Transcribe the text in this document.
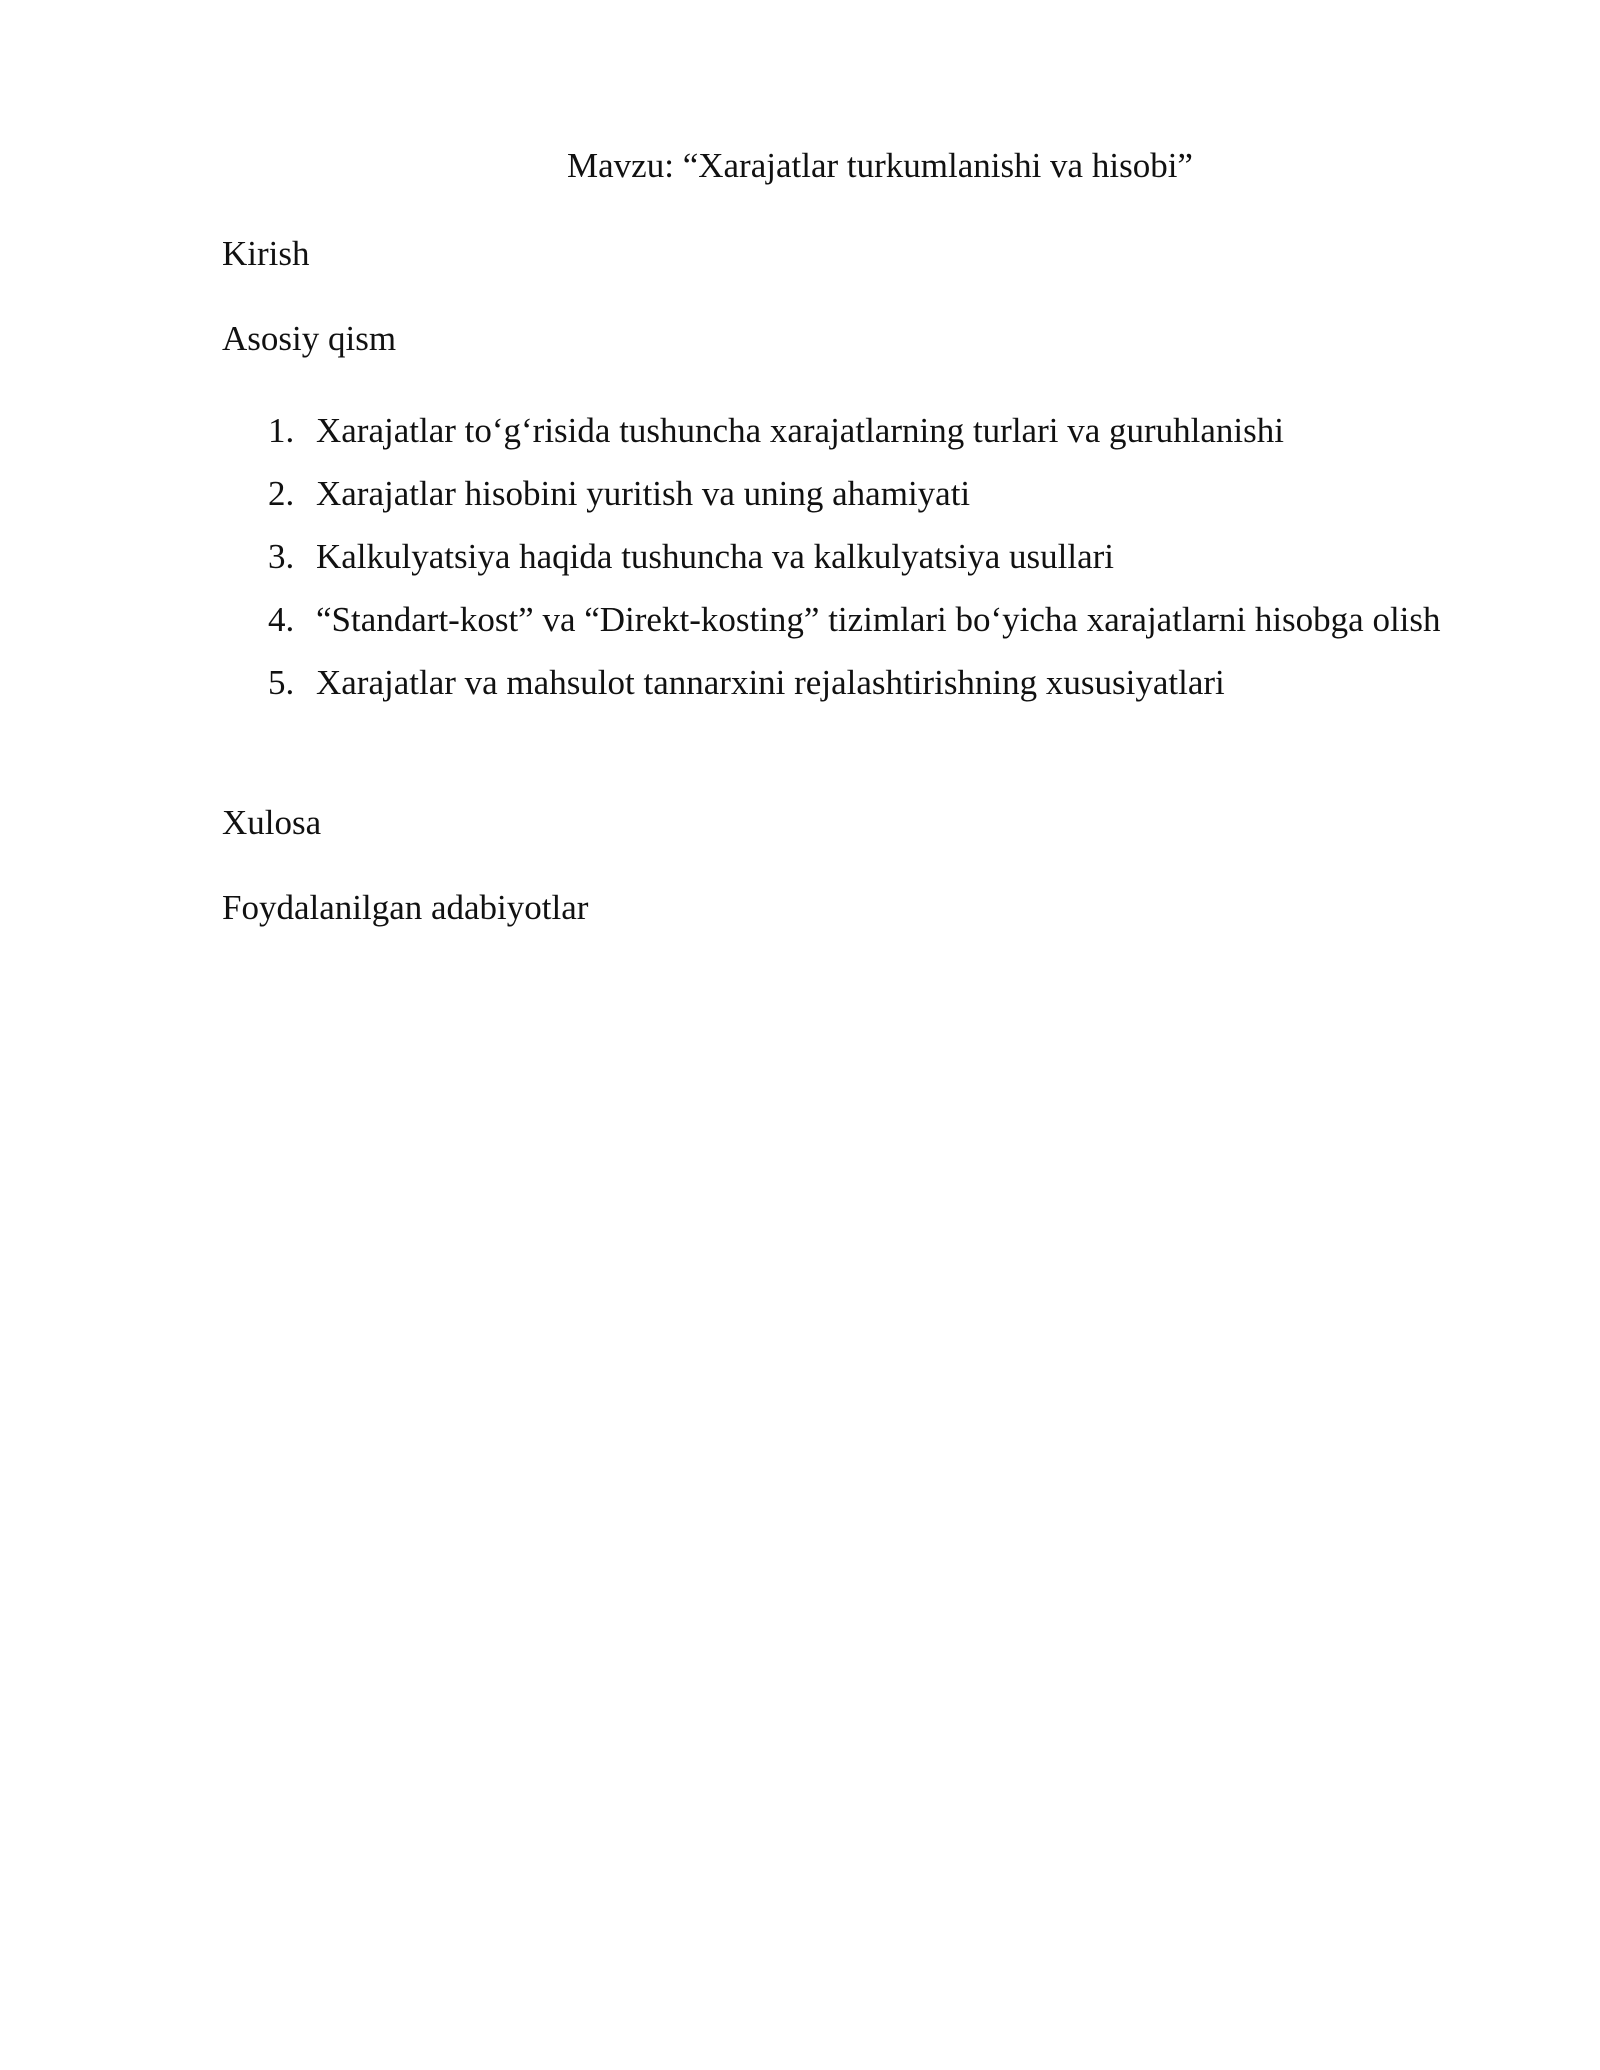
Mavzu: “Xarajatlar turkumlanishi va hisobi”
Kirish
Asosiy qism
1. Xarajatlar to‘g‘risida tushuncha xarajatlarning turlari va guruhlanishi
2. Xarajatlar hisobini yuritish va uning ahamiyati
3. Kalkulyatsiya haqida tushuncha va kalkulyatsiya usullari
4. “Standart-kost” va “Direkt-kosting” tizimlari bo‘yicha xarajatlarni hisobga olish
5. Xarajatlar va mahsulot tannarxini rejalashtirishning xususiyatlari
Xulosa
Foydalanilgan adabiyotlar
